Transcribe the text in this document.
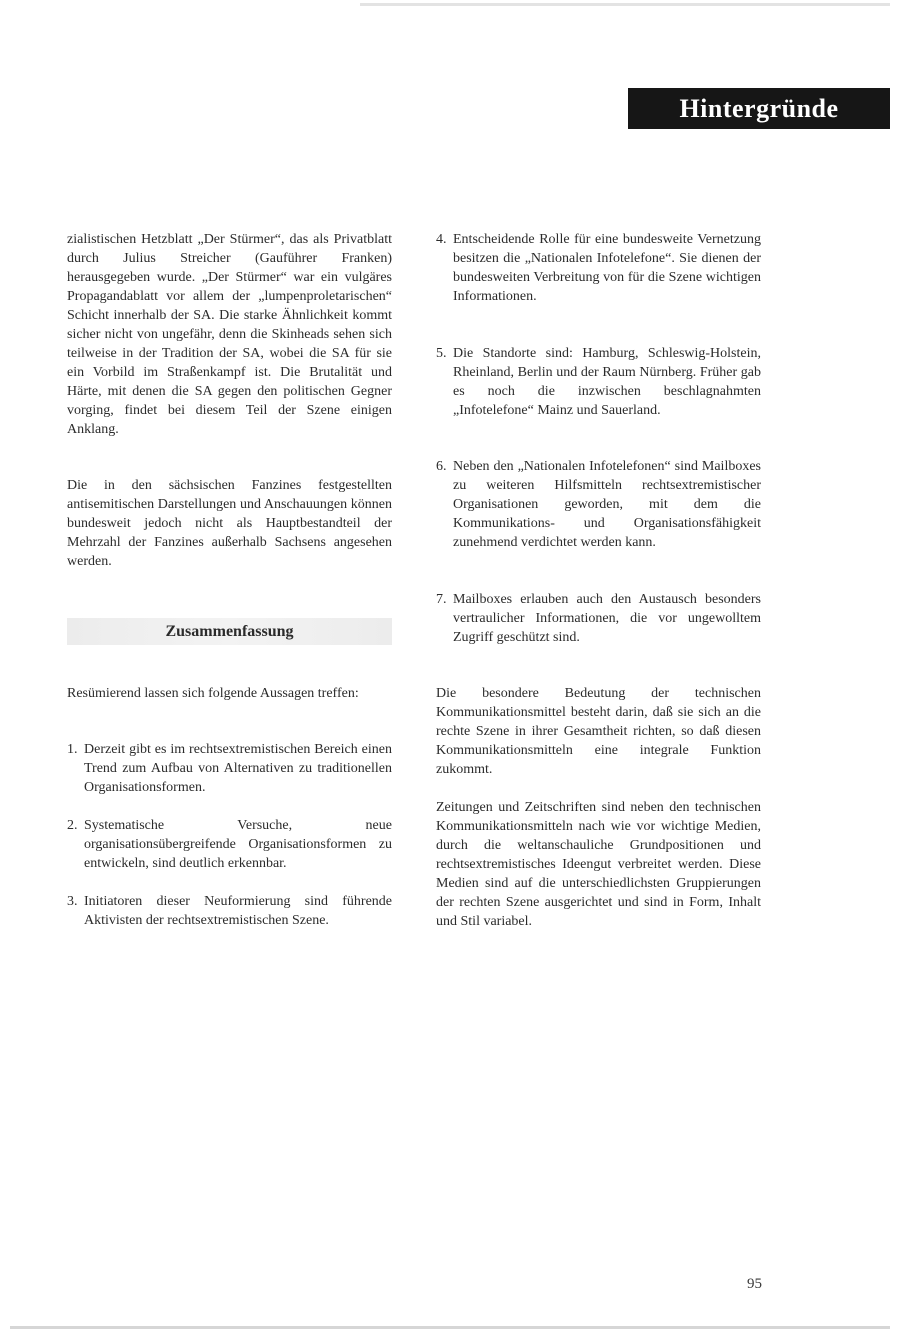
Hintergründe

zialistischen Hetzblatt „Der Stürmer“, das als Privatblatt durch Julius Streicher (Gauführer Franken) herausgegeben wurde. „Der Stürmer“ war ein vulgäres Propagandablatt vor allem der „lumpenproletarischen“ Schicht innerhalb der SA. Die starke Ähnlichkeit kommt sicher nicht von ungefähr, denn die Skinheads sehen sich teilweise in der Tradition der SA, wobei die SA für sie ein Vorbild im Straßenkampf ist. Die Brutalität und Härte, mit denen die SA gegen den politischen Gegner vorging, findet bei diesem Teil der Szene einigen Anklang.

Die in den sächsischen Fanzines festgestellten antisemitischen Darstellungen und Anschauungen können bundesweit jedoch nicht als Hauptbestandteil der Mehrzahl der Fanzines außerhalb Sachsens angesehen werden.

Zusammenfassung

Resümierend lassen sich folgende Aussagen treffen:

1. Derzeit gibt es im rechtsextremistischen Bereich einen Trend zum Aufbau von Alternativen zu traditionellen Organisationsformen.
2. Systematische Versuche, neue organisationsübergreifende Organisationsformen zu entwickeln, sind deutlich erkennbar.
3. Initiatoren dieser Neuformierung sind führende Aktivisten der rechtsextremistischen Szene.
4. Entscheidende Rolle für eine bundesweite Vernetzung besitzen die „Nationalen Infotelefone“. Sie dienen der bundesweiten Verbreitung von für die Szene wichtigen Informationen.
5. Die Standorte sind: Hamburg, Schleswig-Holstein, Rheinland, Berlin und der Raum Nürnberg. Früher gab es noch die inzwischen beschlagnahmten „Infotelefone“ Mainz und Sauerland.
6. Neben den „Nationalen Infotelefonen“ sind Mailboxes zu weiteren Hilfsmitteln rechtsextremistischer Organisationen geworden, mit dem die Kommunikations- und Organisationsfähigkeit zunehmend verdichtet werden kann.
7. Mailboxes erlauben auch den Austausch besonders vertraulicher Informationen, die vor ungewolltem Zugriff geschützt sind.

Die besondere Bedeutung der technischen Kommunikationsmittel besteht darin, daß sie sich an die rechte Szene in ihrer Gesamtheit richten, so daß diesen Kommunikationsmitteln eine integrale Funktion zukommt.

Zeitungen und Zeitschriften sind neben den technischen Kommunikationsmitteln nach wie vor wichtige Medien, durch die weltanschauliche Grundpositionen und rechtsextremistisches Ideengut verbreitet werden. Diese Medien sind auf die unterschiedlichsten Gruppierungen der rechten Szene ausgerichtet und sind in Form, Inhalt und Stil variabel.

95
